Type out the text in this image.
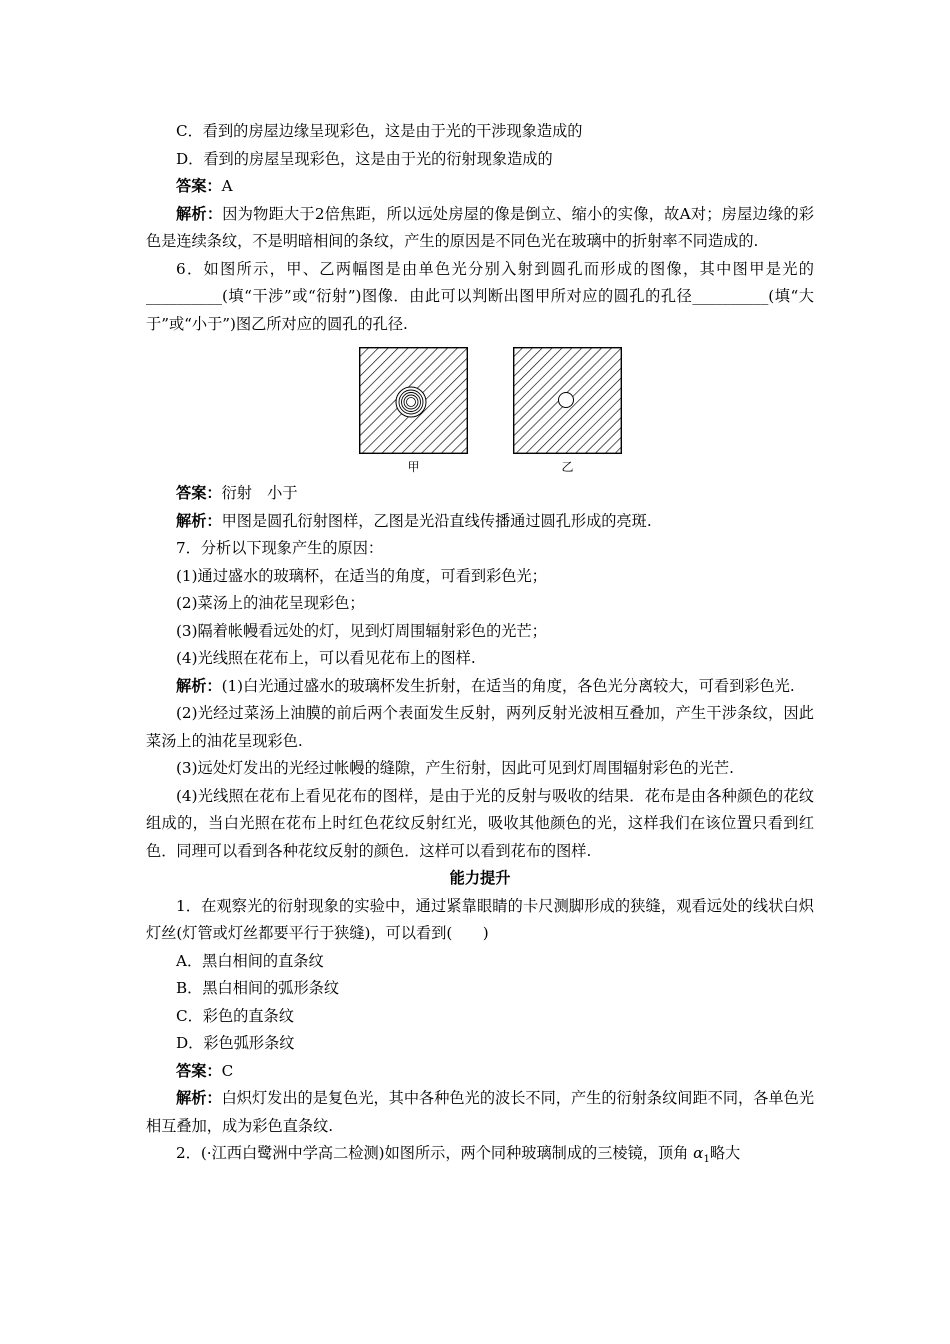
C．看到的房屋边缘呈现彩色，这是由于光的干涉现象造成的

D．看到的房屋呈现彩色，这是由于光的衍射现象造成的

答案：A

解析：因为物距大于2倍焦距，所以远处房屋的像是倒立、缩小的实像，故A对；房屋边缘的彩色是连续条纹，不是明暗相间的条纹，产生的原因是不同色光在玻璃中的折射率不同造成的.

6．如图所示，甲、乙两幅图是由单色光分别入射到圆孔而形成的图像，其中图甲是光的__________(填“干涉”或“衍射”)图像．由此可以判断出图甲所对应的圆孔的孔径__________(填“大于”或“小于”)图乙所对应的圆孔的孔径.

甲	乙

答案：衍射　小于

解析：甲图是圆孔衍射图样，乙图是光沿直线传播通过圆孔形成的亮斑.

7．分析以下现象产生的原因：

(1)通过盛水的玻璃杯，在适当的角度，可看到彩色光；

(2)菜汤上的油花呈现彩色；

(3)隔着帐幔看远处的灯，见到灯周围辐射彩色的光芒；

(4)光线照在花布上，可以看见花布上的图样.

解析：(1)白光通过盛水的玻璃杯发生折射，在适当的角度，各色光分离较大，可看到彩色光.

(2)光经过菜汤上油膜的前后两个表面发生反射，两列反射光波相互叠加，产生干涉条纹，因此菜汤上的油花呈现彩色.

(3)远处灯发出的光经过帐幔的缝隙，产生衍射，因此可见到灯周围辐射彩色的光芒.

(4)光线照在花布上看见花布的图样，是由于光的反射与吸收的结果．花布是由各种颜色的花纹组成的，当白光照在花布上时红色花纹反射红光，吸收其他颜色的光，这样我们在该位置只看到红色．同理可以看到各种花纹反射的颜色．这样可以看到花布的图样.

能力提升

1．在观察光的衍射现象的实验中，通过紧靠眼睛的卡尺测脚形成的狭缝，观看远处的线状白炽灯丝(灯管或灯丝都要平行于狭缝)，可以看到(　　)

A．黑白相间的直条纹

B．黑白相间的弧形条纹

C．彩色的直条纹

D．彩色弧形条纹

答案：C

解析：白炽灯发出的是复色光，其中各种色光的波长不同，产生的衍射条纹间距不同，各单色光相互叠加，成为彩色直条纹.

2．(·江西白鹭洲中学高二检测)如图所示，两个同种玻璃制成的三棱镜，顶角 $\alpha_1$略大
